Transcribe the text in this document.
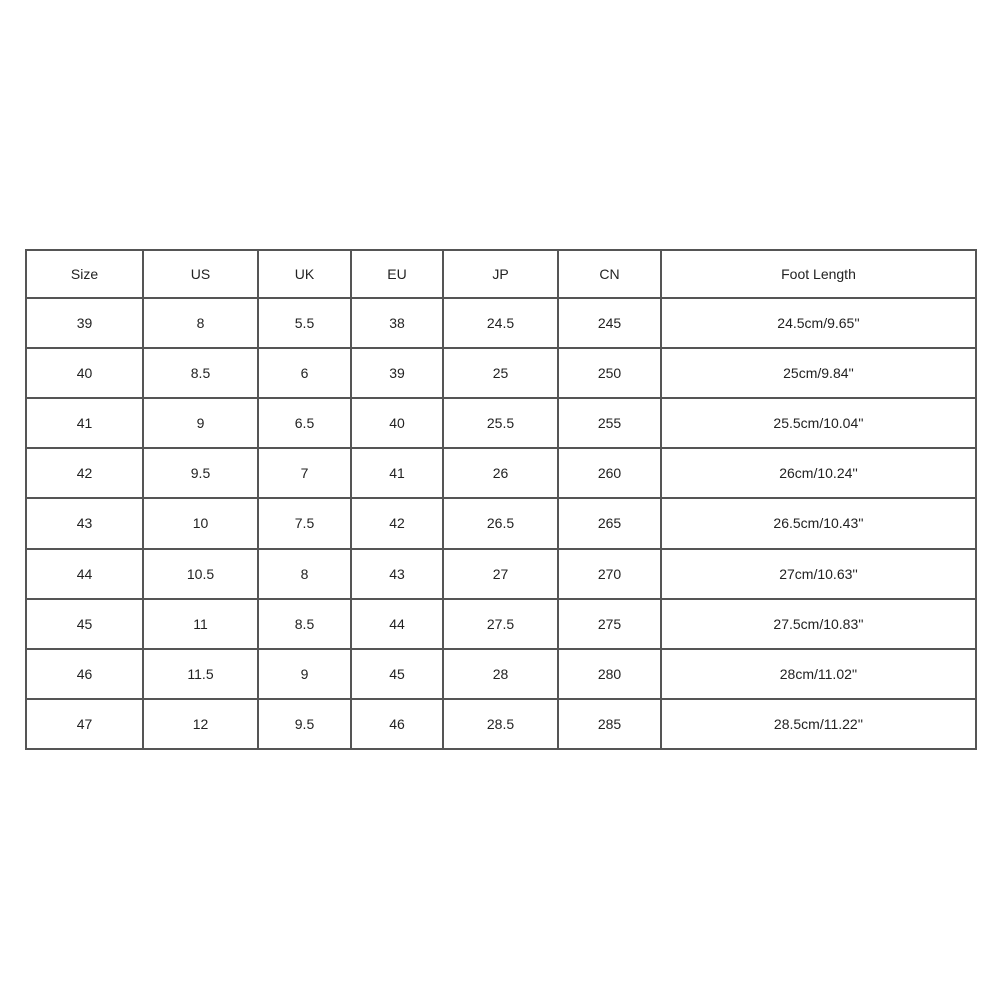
Size	US	UK	EU	JP	CN	Foot Length
39	8	5.5	38	24.5	245	24.5cm/9.65''
40	8.5	6	39	25	250	25cm/9.84''
41	9	6.5	40	25.5	255	25.5cm/10.04''
42	9.5	7	41	26	260	26cm/10.24''
43	10	7.5	42	26.5	265	26.5cm/10.43''
44	10.5	8	43	27	270	27cm/10.63''
45	11	8.5	44	27.5	275	27.5cm/10.83''
46	11.5	9	45	28	280	28cm/11.02''
47	12	9.5	46	28.5	285	28.5cm/11.22''
